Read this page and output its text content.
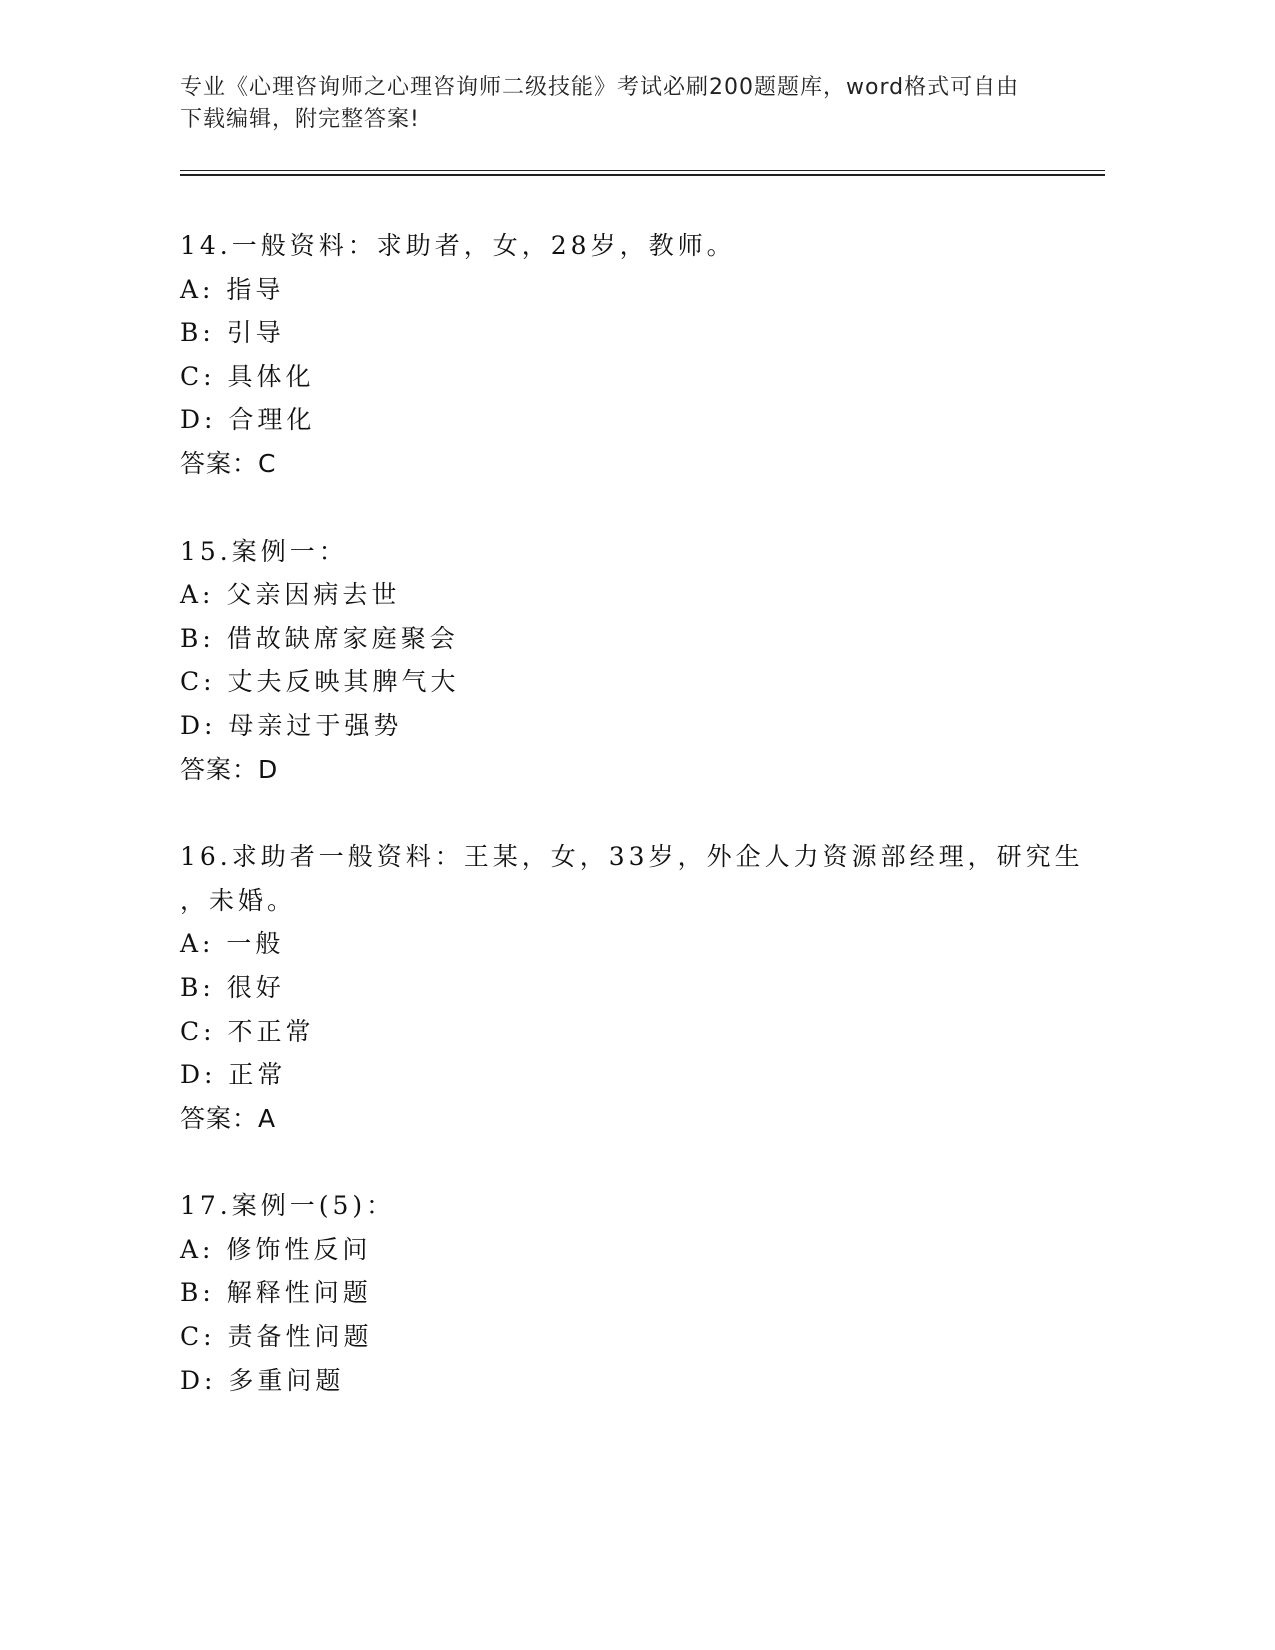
专业《心理咨询师之心理咨询师二级技能》考试必刷200题题库，word格式可自由下载编辑，附完整答案!
14.一般资料：求助者，女，28岁，教师。
A: 指导
B: 引导
C: 具体化
D: 合理化
答案：C
15.案例一：
A: 父亲因病去世
B: 借故缺席家庭聚会
C: 丈夫反映其脾气大
D: 母亲过于强势
答案：D
16.求助者一般资料：王某，女，33岁，外企人力资源部经理，研究生
，未婚。
A: 一般
B: 很好
C: 不正常
D: 正常
答案：A
17.案例一(5)：
A: 修饰性反问
B: 解释性问题
C: 责备性问题
D: 多重问题
